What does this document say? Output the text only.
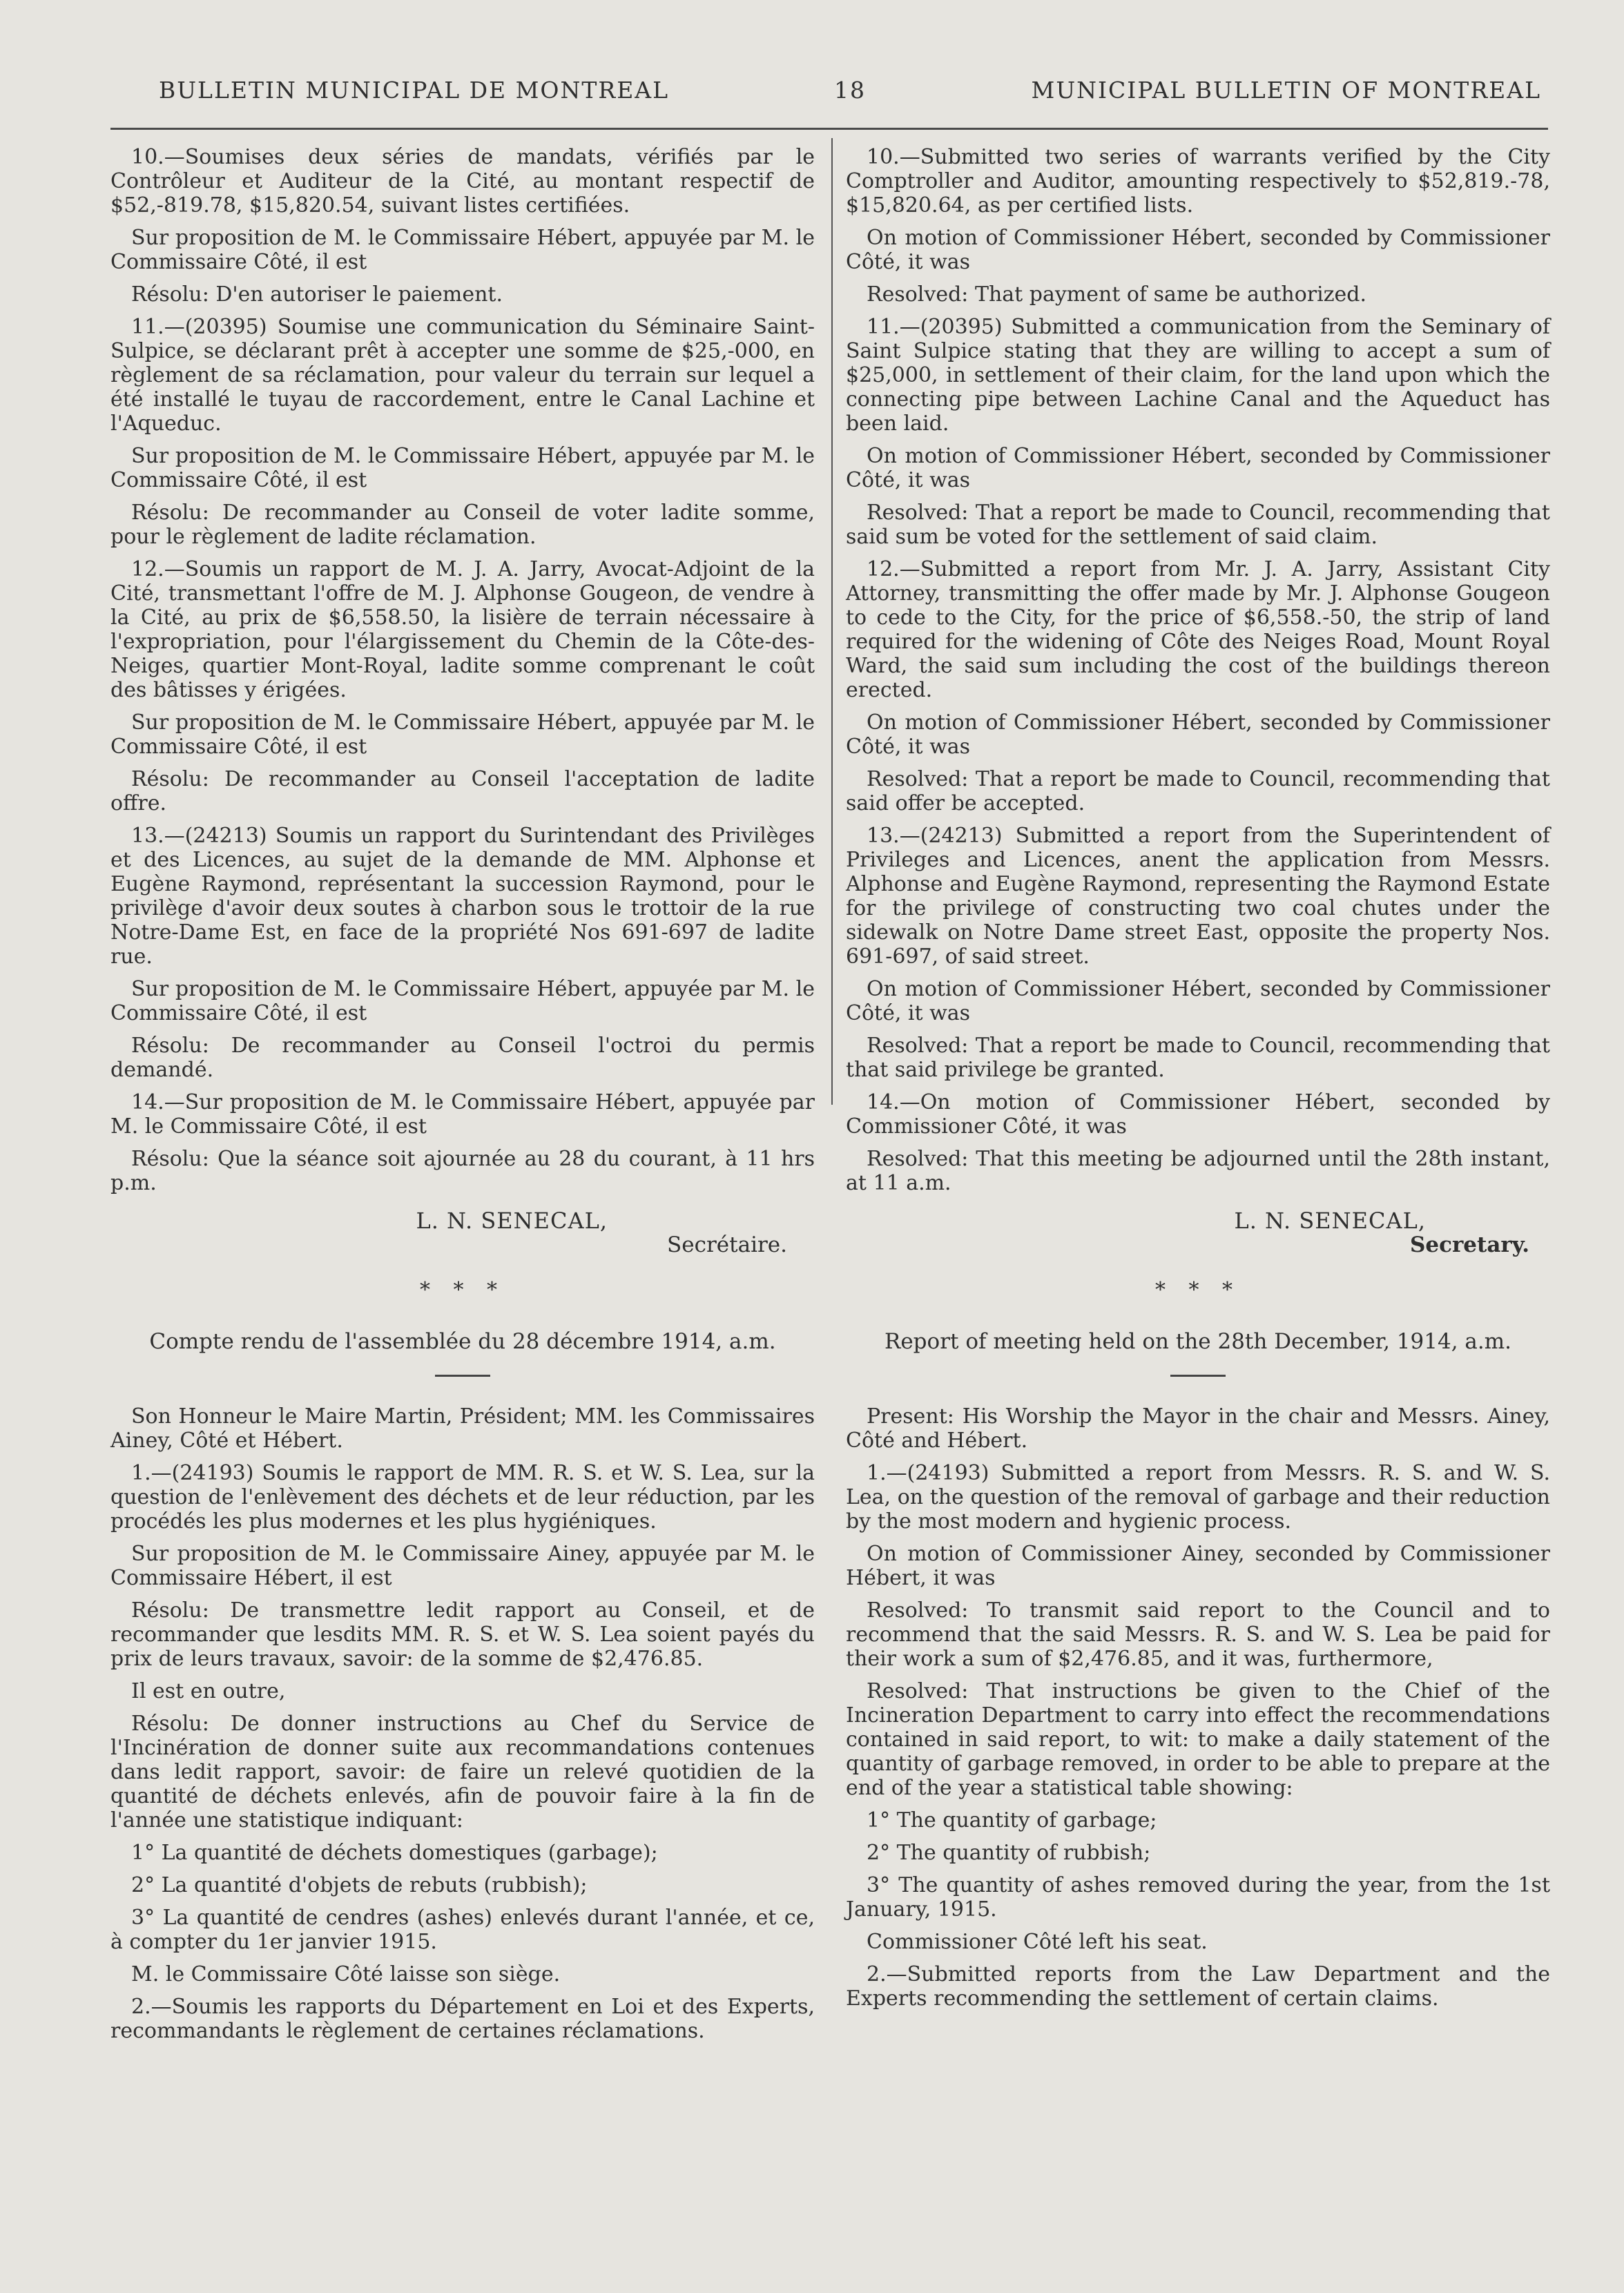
BULLETIN MUNICIPAL DE MONTREAL	18	MUNICIPAL BULLETIN OF MONTREAL

10.—Soumises deux séries de mandats, vérifiés par le Contrôleur et Auditeur de la Cité, au montant respectif de $52,-819.78, $15,820.54, suivant listes certifiées.

Sur proposition de M. le Commissaire Hébert, appuyée par M. le Commissaire Côté, il est

Résolu: D'en autoriser le paiement.

11.—(20395) Soumise une communication du Séminaire Saint-Sulpice, se déclarant prêt à accepter une somme de $25,-000, en règlement de sa réclamation, pour valeur du terrain sur lequel a été installé le tuyau de raccordement, entre le Canal Lachine et l'Aqueduc.

Sur proposition de M. le Commissaire Hébert, appuyée par M. le Commissaire Côté, il est

Résolu: De recommander au Conseil de voter ladite somme, pour le règlement de ladite réclamation.

12.—Soumis un rapport de M. J. A. Jarry, Avocat-Adjoint de la Cité, transmettant l'offre de M. J. Alphonse Gougeon, de vendre à la Cité, au prix de $6,558.50, la lisière de terrain nécessaire à l'expropriation, pour l'élargissement du Chemin de la Côte-des-Neiges, quartier Mont-Royal, ladite somme comprenant le coût des bâtisses y érigées.

Sur proposition de M. le Commissaire Hébert, appuyée par M. le Commissaire Côté, il est

Résolu: De recommander au Conseil l'acceptation de ladite offre.

13.—(24213) Soumis un rapport du Surintendant des Privilèges et des Licences, au sujet de la demande de MM. Alphonse et Eugène Raymond, représentant la succession Raymond, pour le privilège d'avoir deux soutes à charbon sous le trottoir de la rue Notre-Dame Est, en face de la propriété Nos 691-697 de ladite rue.

Sur proposition de M. le Commissaire Hébert, appuyée par M. le Commissaire Côté, il est

Résolu: De recommander au Conseil l'octroi du permis demandé.

14.—Sur proposition de M. le Commissaire Hébert, appuyée par M. le Commissaire Côté, il est

Résolu: Que la séance soit ajournée au 28 du courant, à 11 hrs p.m.

L. N. SENECAL,
Secrétaire.
* * *
Compte rendu de l'assemblée du 28 décembre 1914, a.m.

Son Honneur le Maire Martin, Président; MM. les Commissaires Ainey, Côté et Hébert.

1.—(24193) Soumis le rapport de MM. R. S. et W. S. Lea, sur la question de l'enlèvement des déchets et de leur réduction, par les procédés les plus modernes et les plus hygiéniques.

Sur proposition de M. le Commissaire Ainey, appuyée par M. le Commissaire Hébert, il est

Résolu: De transmettre ledit rapport au Conseil, et de recommander que lesdits MM. R. S. et W. S. Lea soient payés du prix de leurs travaux, savoir: de la somme de $2,476.85.

Il est en outre,

Résolu: De donner instructions au Chef du Service de l'Incinération de donner suite aux recommandations contenues dans ledit rapport, savoir: de faire un relevé quotidien de la quantité de déchets enlevés, afin de pouvoir faire à la fin de l'année une statistique indiquant:

1° La quantité de déchets domestiques (garbage);

2° La quantité d'objets de rebuts (rubbish);

3° La quantité de cendres (ashes) enlevés durant l'année, et ce, à compter du 1er janvier 1915.

M. le Commissaire Côté laisse son siège.

2.—Soumis les rapports du Département en Loi et des Experts, recommandants le règlement de certaines réclamations.

10.—Submitted two series of warrants verified by the City Comptroller and Auditor, amounting respectively to $52,819.-78, $15,820.64, as per certified lists.

On motion of Commissioner Hébert, seconded by Commissioner Côté, it was

Resolved: That payment of same be authorized.

11.—(20395) Submitted a communication from the Seminary of Saint Sulpice stating that they are willing to accept a sum of $25,000, in settlement of their claim, for the land upon which the connecting pipe between Lachine Canal and the Aqueduct has been laid.

On motion of Commissioner Hébert, seconded by Commissioner Côté, it was

Resolved: That a report be made to Council, recommending that said sum be voted for the settlement of said claim.

12.—Submitted a report from Mr. J. A. Jarry, Assistant City Attorney, transmitting the offer made by Mr. J. Alphonse Gougeon to cede to the City, for the price of $6,558.-50, the strip of land required for the widening of Côte des Neiges Road, Mount Royal Ward, the said sum including the cost of the buildings thereon erected.

On motion of Commissioner Hébert, seconded by Commissioner Côté, it was

Resolved: That a report be made to Council, recommending that said offer be accepted.

13.—(24213) Submitted a report from the Superintendent of Privileges and Licences, anent the application from Messrs. Alphonse and Eugène Raymond, representing the Raymond Estate for the privilege of constructing two coal chutes under the sidewalk on Notre Dame street East, opposite the property Nos. 691-697, of said street.

On motion of Commissioner Hébert, seconded by Commissioner Côté, it was

Resolved: That a report be made to Council, recommending that that said privilege be granted.

14.—On motion of Commissioner Hébert, seconded by Commissioner Côté, it was

Resolved: That this meeting be adjourned until the 28th instant, at 11 a.m.

L. N. SENECAL,
Secretary.
* * *
Report of meeting held on the 28th December, 1914, a.m.

Present: His Worship the Mayor in the chair and Messrs. Ainey, Côté and Hébert.

1.—(24193) Submitted a report from Messrs. R. S. and W. S. Lea, on the question of the removal of garbage and their reduction by the most modern and hygienic process.

On motion of Commissioner Ainey, seconded by Commissioner Hébert, it was

Resolved: To transmit said report to the Council and to recommend that the said Messrs. R. S. and W. S. Lea be paid for their work a sum of $2,476.85, and it was, furthermore,

Resolved: That instructions be given to the Chief of the Incineration Department to carry into effect the recommendations contained in said report, to wit: to make a daily statement of the quantity of garbage removed, in order to be able to prepare at the end of the year a statistical table showing:

1° The quantity of garbage;

2° The quantity of rubbish;

3° The quantity of ashes removed during the year, from the 1st January, 1915.

Commissioner Côté left his seat.

2.—Submitted reports from the Law Department and the Experts recommending the settlement of certain claims.
